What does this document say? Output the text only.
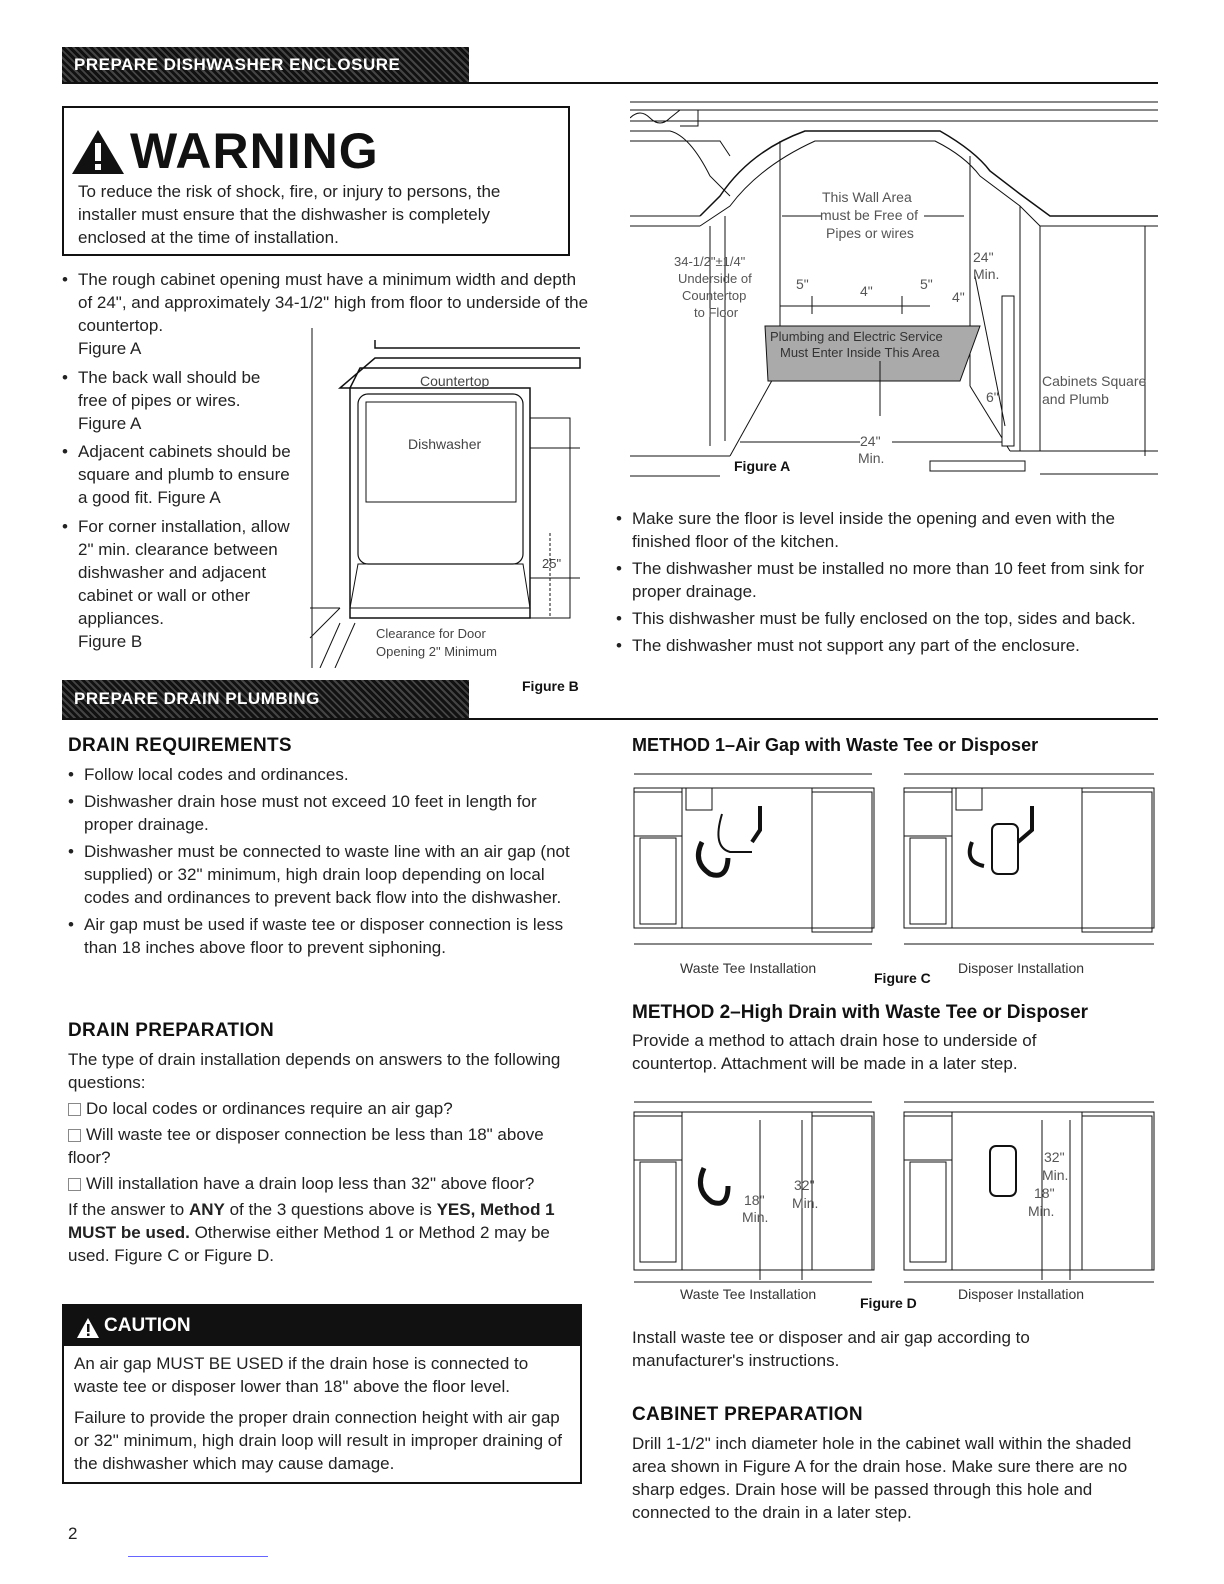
PREPARE DISHWASHER ENCLOSURE
WARNING
To reduce the risk of shock, fire, or injury to persons, the installer must ensure that the dishwasher is completely enclosed at the time of installation.
• The rough cabinet opening must have a minimum width and depth of 24", and approximately 34-1/2" high from floor to underside of the countertop.
Figure A
• The back wall should be free of pipes or wires.
Figure A
• Adjacent cabinets should be square and plumb to ensure a good fit. Figure A
• For corner installation, allow 2" min. clearance between dishwasher and adjacent cabinet or wall or other appliances.
Figure B
Countertop
Dishwasher
25"
Clearance for Door
Opening 2" Minimum
Figure B
This Wall Area
must be Free of
Pipes or wires
34-1/2"±1/4"
Underside of
Countertop
to Floor
5"	4"	5"
24"
Min.
4"
Plumbing and Electric Service
Must Enter Inside This Area
6"
Cabinets Square
and Plumb
24"
Min.
Figure A
• Make sure the floor is level inside the opening and even with the finished floor of the kitchen.
• The dishwasher must be installed no more than 10 feet from sink for proper drainage.
• This dishwasher must be fully enclosed on the top, sides and back.
• The dishwasher must not support any part of the enclosure.
PREPARE DRAIN PLUMBING
DRAIN REQUIREMENTS
• Follow local codes and ordinances.
• Dishwasher drain hose must not exceed 10 feet in length for proper drainage.
• Dishwasher must be connected to waste line with an air gap (not supplied) or 32" minimum, high drain loop depending on local codes and ordinances to prevent back flow into the dishwasher.
• Air gap must be used if waste tee or disposer connection is less than 18 inches above floor to prevent siphoning.
DRAIN PREPARATION
The type of drain installation depends on answers to the following questions:
Do local codes or ordinances require an air gap?
Will waste tee or disposer connection be less than 18" above floor?
Will installation have a drain loop less than 32" above floor?
If the answer to ANY of the 3 questions above is YES, Method 1 MUST be used. Otherwise either Method 1 or Method 2 may be used. Figure C or Figure D.
CAUTION
An air gap MUST BE USED if the drain hose is connected to waste tee or disposer lower than 18" above the floor level.
Failure to provide the proper drain connection height with air gap or 32" minimum, high drain loop will result in improper draining of the dishwasher which may cause damage.
2
METHOD 1–Air Gap with Waste Tee or Disposer
Waste Tee Installation
Figure C
Disposer Installation
METHOD 2–High Drain with Waste Tee or Disposer
Provide a method to attach drain hose to underside of countertop. Attachment will be made in a later step.
18"
Min.
32"
Min.
18"
Min.
32"
Min.
Waste Tee Installation
Figure D
Disposer Installation
Install waste tee or disposer and air gap according to manufacturer's instructions.
CABINET PREPARATION
Drill 1-1/2" inch diameter hole in the cabinet wall within the shaded area shown in Figure A for the drain hose. Make sure there are no sharp edges. Drain hose will be passed through this hole and connected to the drain in a later step.
